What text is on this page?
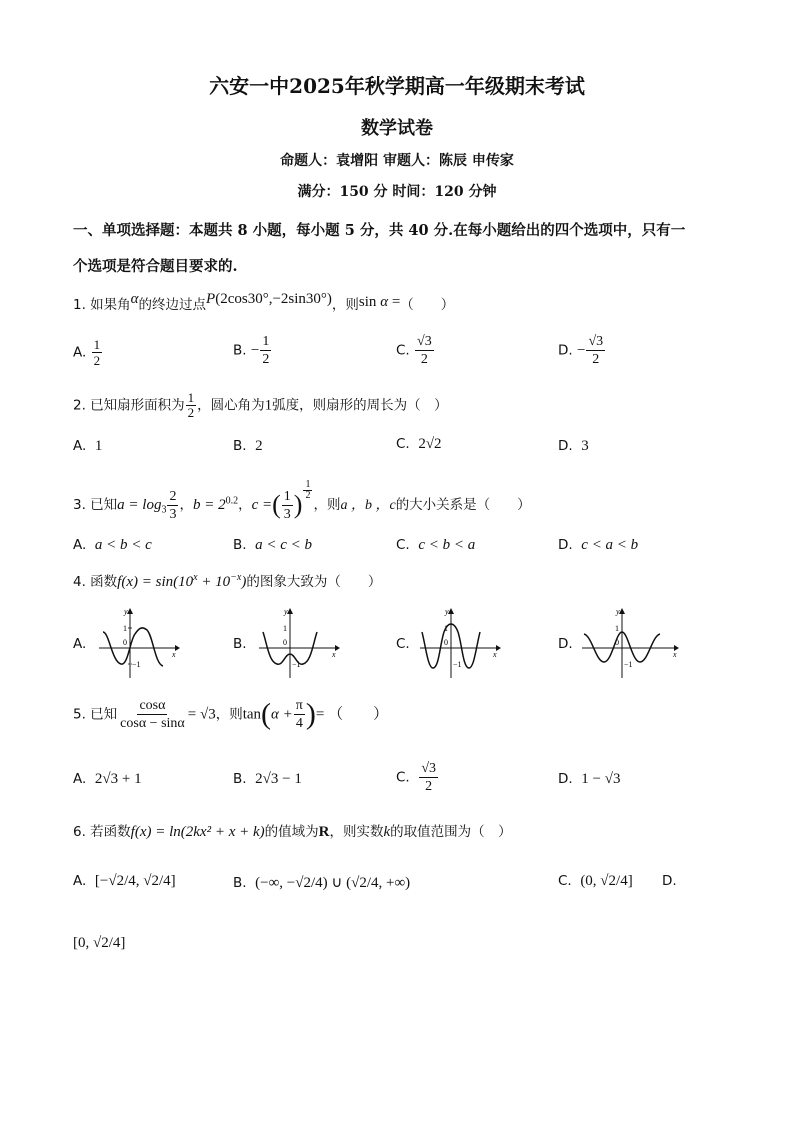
六安一中2025年秋学期高一年级期末考试
数学试卷
命题人：袁增阳 审题人：陈辰 申传家
满分：150 分 时间：120 分钟
一、单项选择题：本题共 8 小题，每小题 5 分，共 40 分.在每小题给出的四个选项中，只有一
个选项是符合题目要求的.
1. 如果角α的终边过点P(2cos30°,−2sin30°)，则sin α =（　　）
A. $\frac{1}{2}$	B. − $\frac{1}{2}$	C. $\frac{√3}{2}$	D. − $\frac{√3}{2}$
2. 已知扇形面积为 $\frac{1}{2}$ ，圆心角为1弧度，则扇形的周长为（　）
A. 1	B. 2	C. 2√2	D. 3
3. 已知$a = \log_3 \frac{2}{3}$ ，$b = 2^{0.2}$，c =( $\frac{1}{3}$ ) $\frac{1}{2}$
，则a ，b ，c的大小关系是（　　）
A. a < b < c	B. a < c < b	C. c < b < a	D. c < a < b
4. 函数$f(x) = \sin(10^x + 10^{-x})$的图象大致为（　　）
A.	B.	C.	D.
y
x
1
0
−1
y
x
1
0
−1
y
x
1
0
−1
y
x
1
0
−1
5. 已知 $\frac{\cos\alpha}{\cos\alpha - \sin\alpha} = √3$，则$\tan(\alpha + \frac{\pi}{4}$ )= （　　）
A. 2√3 + 1	B. 2√3 − 1	C. $\frac{√3}{2}$	D. 1 − √3
6. 若函数f(x) = ln(2kx² + x + k)的值域为R，则实数k的取值范围为（　）
A. [−√2/4, √2/4]	B. (−∞, −√2/4) ∪ (√2/4, +∞)	C. (0, √2/4] D.
[0, √2/4]
